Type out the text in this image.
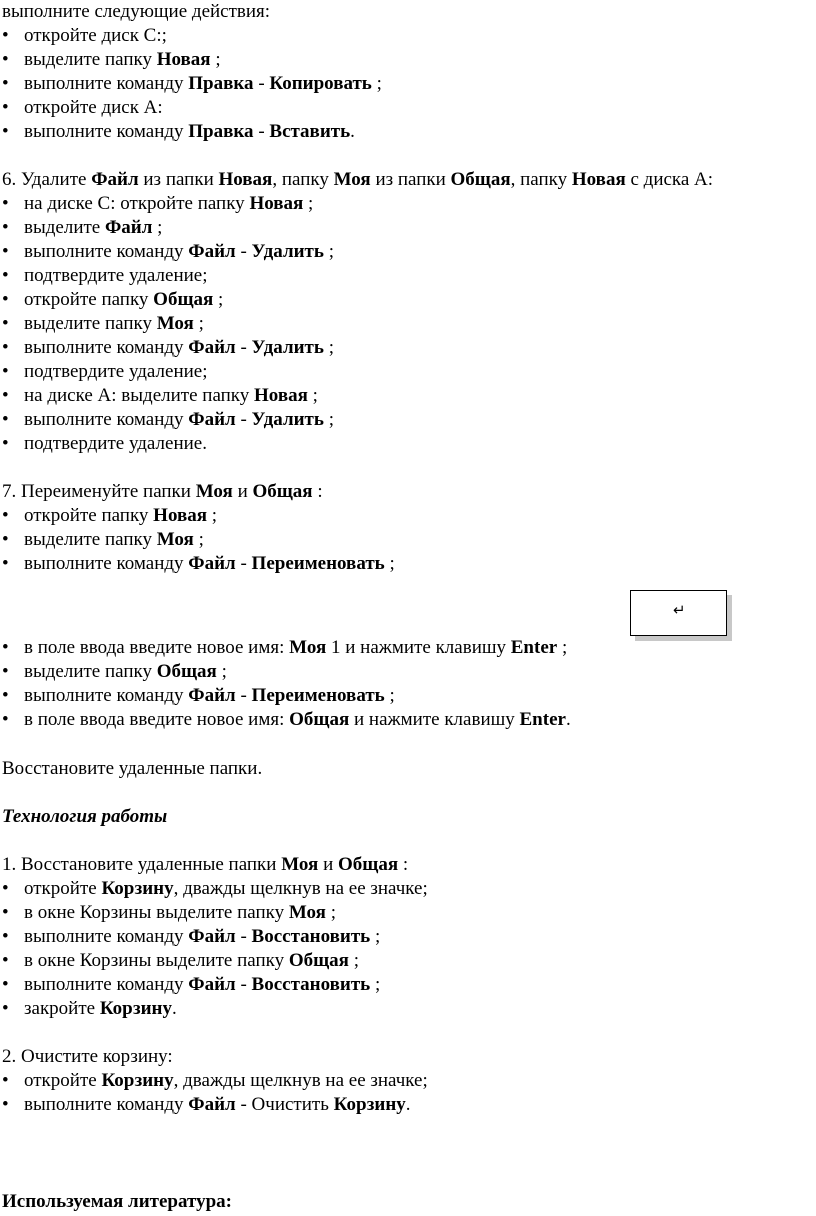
выполните следующие действия:
• откройте диск С:;
• выделите папку Новая ;
• выполните команду Правка - Копировать ;
• откройте диск А:
• выполните команду Правка - Вставить.
6. Удалите Файл из папки Новая, папку Моя из папки Общая, папку Новая с диска А:
• на диске С: откройте папку Новая ;
• выделите Файл ;
• выполните команду Файл - Удалить ;
• подтвердите удаление;
• откройте папку Общая ;
• выделите папку Моя ;
• выполните команду Файл - Удалить ;
• подтвердите удаление;
• на диске А: выделите папку Новая ;
• выполните команду Файл - Удалить ;
• подтвердите удаление.
7. Переименуйте папки Моя и Общая :
• откройте папку Новая ;
• выделите папку Моя ;
• выполните команду Файл - Переименовать ;
↵
• в поле ввода введите новое имя: Моя 1 и нажмите клавишу Enter ;
• выделите папку Общая ;
• выполните команду Файл - Переименовать ;
• в поле ввода введите новое имя: Общая и нажмите клавишу Enter.
Восстановите удаленные папки.
Технология работы
1. Восстановите удаленные папки Моя и Общая :
• откройте Корзину, дважды щелкнув на ее значке;
• в окне Корзины выделите папку Моя ;
• выполните команду Файл - Восстановить ;
• в окне Корзины выделите папку Общая ;
• выполните команду Файл - Восстановить ;
• закройте Корзину.
2. Очистите корзину:
• откройте Корзину, дважды щелкнув на ее значке;
• выполните команду Файл - Очистить Корзину.
Используемая литература:
